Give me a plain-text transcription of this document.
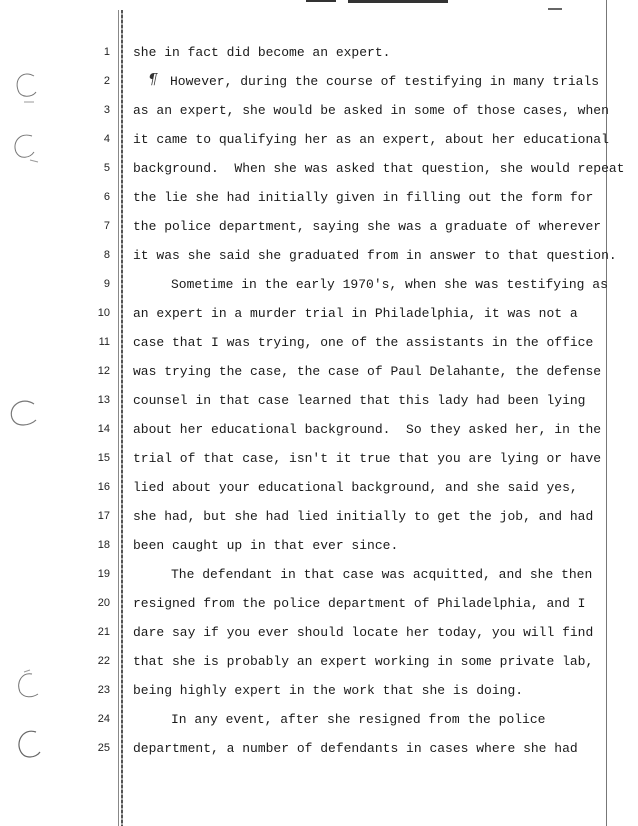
1
2
3
4
5
6
7
8
9
10
11
12
13
14
15
16
17
18
19
20
21
22
23
24
25
she in fact did become an expert.
¶ However, during the course of testifying in many trials
as an expert, she would be asked in some of those cases, when
it came to qualifying her as an expert, about her educational
background.  When she was asked that question, she would repeat
the lie she had initially given in filling out the form for
the police department, saying she was a graduate of wherever
it was she said she graduated from in answer to that question.
Sometime in the early 1970's, when she was testifying as
an expert in a murder trial in Philadelphia, it was not a
case that I was trying, one of the assistants in the office
was trying the case, the case of Paul Delahante, the defense
counsel in that case learned that this lady had been lying
about her educational background.  So they asked her, in the
trial of that case, isn't it true that you are lying or have
lied about your educational background, and she said yes,
she had, but she had lied initially to get the job, and had
been caught up in that ever since.
The defendant in that case was acquitted, and she then
resigned from the police department of Philadelphia, and I
dare say if you ever should locate her today, you will find
that she is probably an expert working in some private lab,
being highly expert in the work that she is doing.
In any event, after she resigned from the police
department, a number of defendants in cases where she had
